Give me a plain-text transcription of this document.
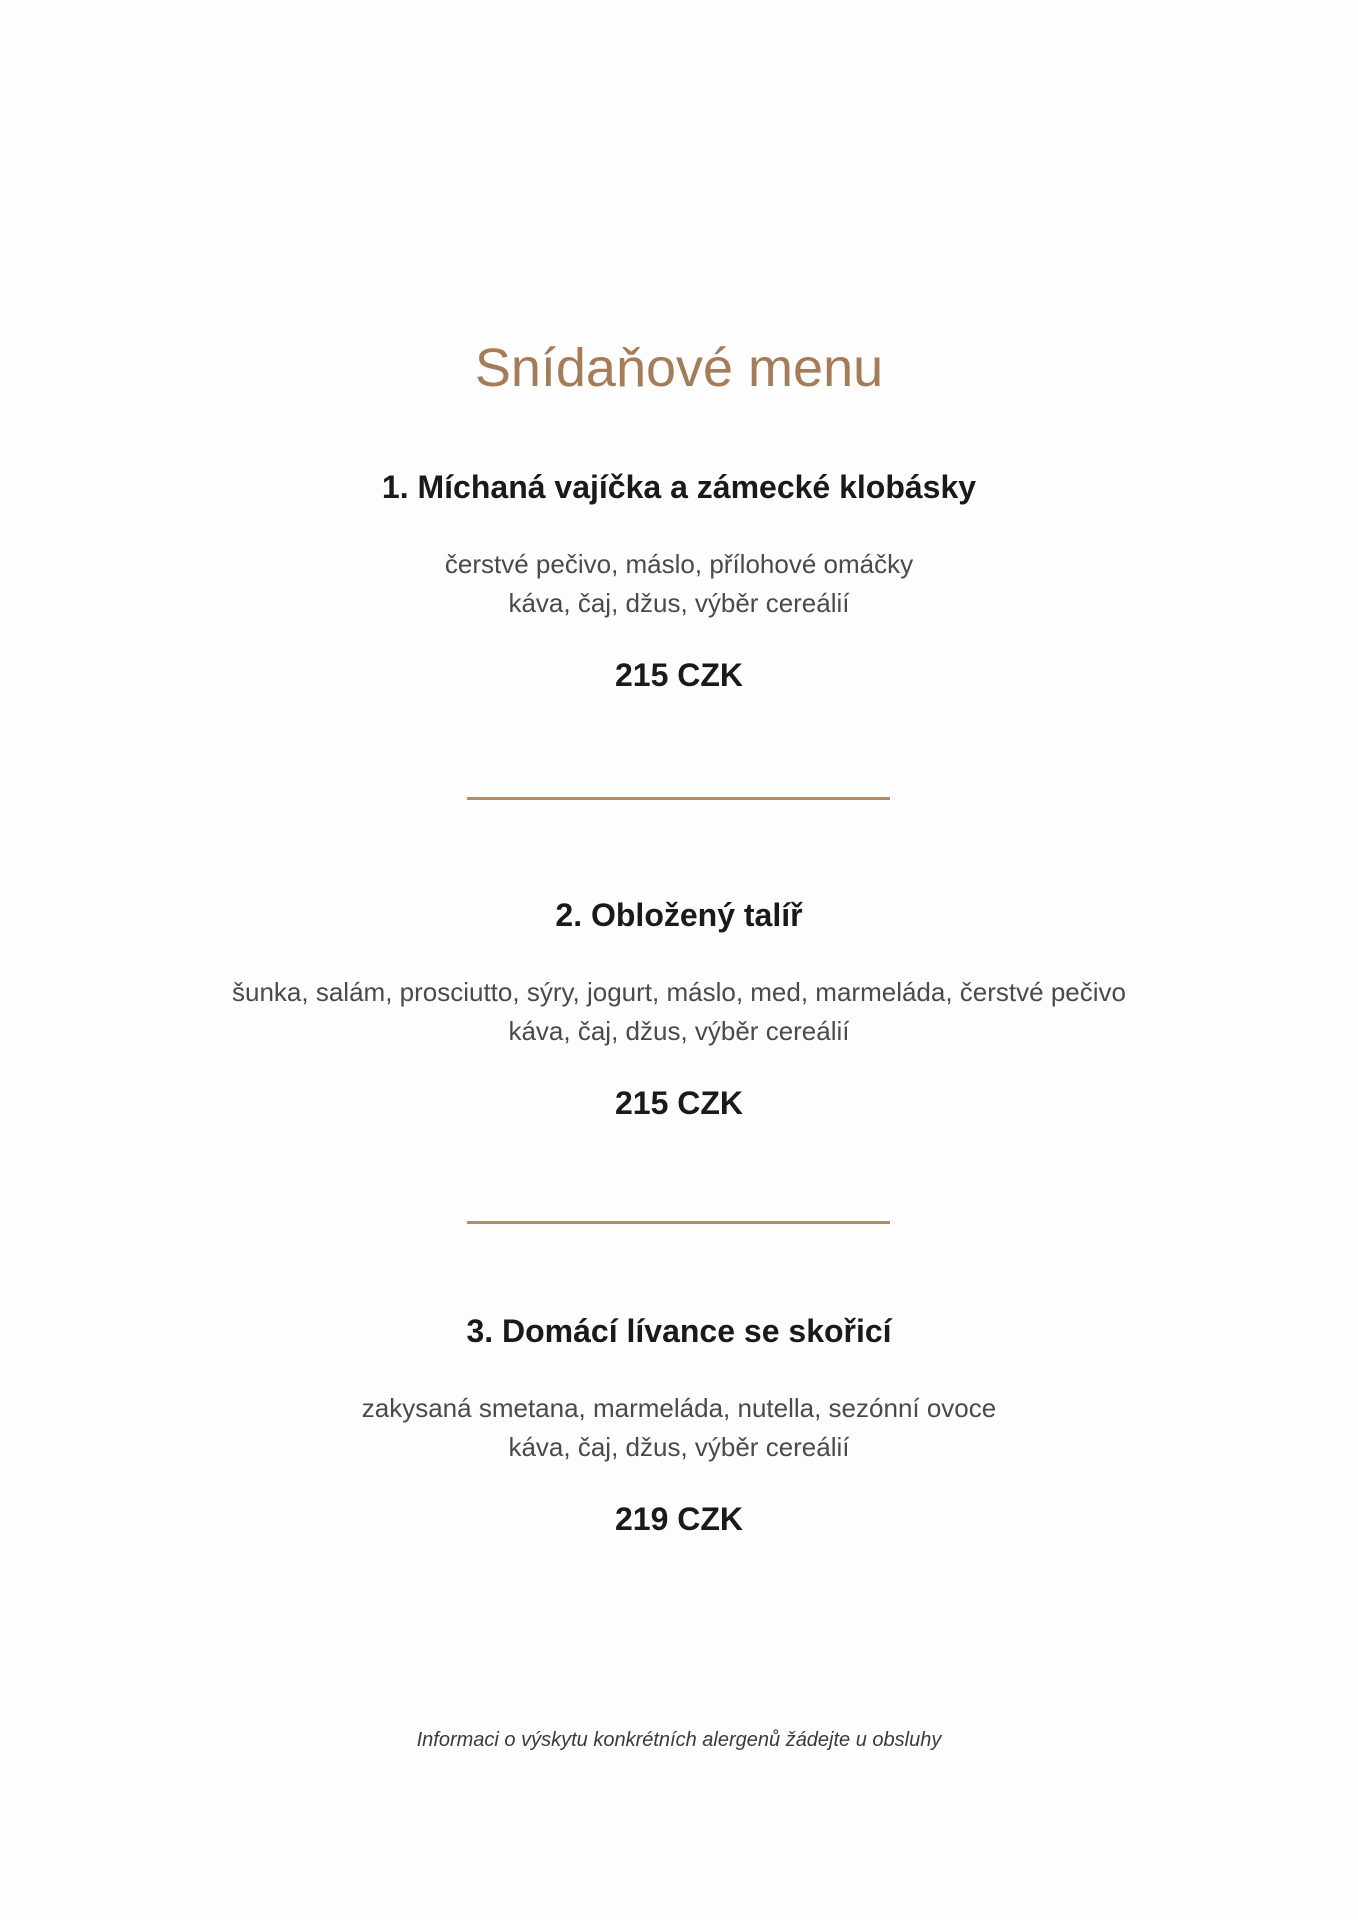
Snídaňové menu
1. Míchaná vajíčka a zámecké klobásky
čerstvé pečivo, máslo, přílohové omáčky
káva, čaj, džus, výběr cereálií
215 CZK
2. Obložený talíř
šunka, salám, prosciutto, sýry, jogurt, máslo, med, marmeláda, čerstvé pečivo
káva, čaj, džus, výběr cereálií
215 CZK
3. Domácí lívance se skořicí
zakysaná smetana, marmeláda, nutella, sezónní ovoce
káva, čaj, džus, výběr cereálií
219 CZK
Informaci o výskytu konkrétních alergenů žádejte u obsluhy
